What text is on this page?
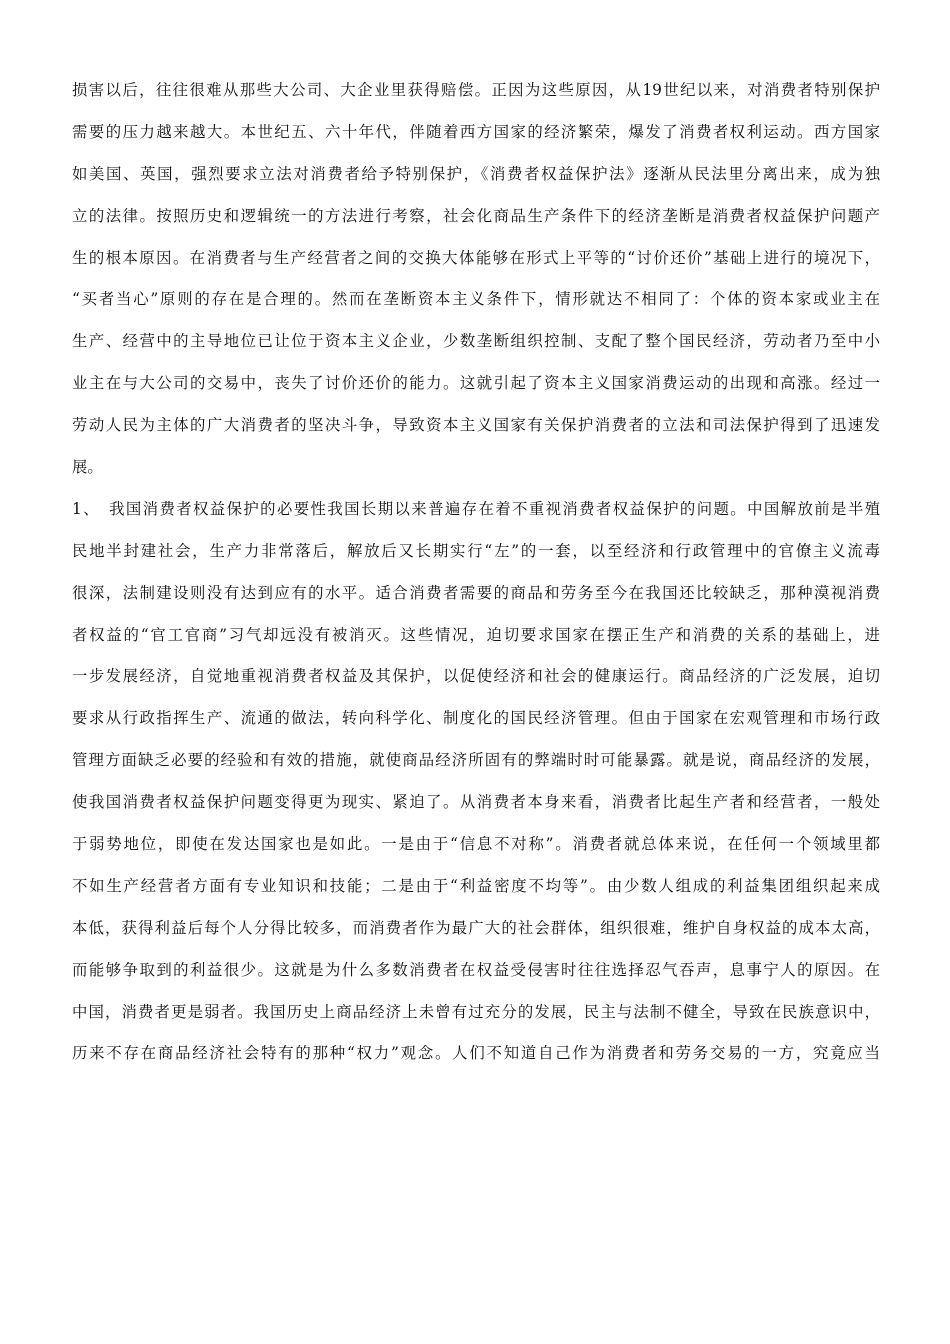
损害以后，往往很难从那些大公司、大企业里获得赔偿。正因为这些原因，从19世纪以来，对消费者特别保护
需要的压力越来越大。本世纪五、六十年代，伴随着西方国家的经济繁荣，爆发了消费者权利运动。西方国家
如美国、英国，强烈要求立法对消费者给予特别保护，《消费者权益保护法》逐渐从民法里分离出来，成为独
立的法律。按照历史和逻辑统一的方法进行考察，社会化商品生产条件下的经济垄断是消费者权益保护问题产
生的根本原因。在消费者与生产经营者之间的交换大体能够在形式上平等的“讨价还价”基础上进行的境况下，
“买者当心”原则的存在是合理的。然而在垄断资本主义条件下，情形就达不相同了：个体的资本家或业主在
生产、经营中的主导地位已让位于资本主义企业，少数垄断组织控制、支配了整个国民经济，劳动者乃至中小
业主在与大公司的交易中，丧失了讨价还价的能力。这就引起了资本主义国家消费运动的出现和高涨。经过一
劳动人民为主体的广大消费者的坚决斗争，导致资本主义国家有关保护消费者的立法和司法保护得到了迅速发
展。
1、　我国消费者权益保护的必要性我国长期以来普遍存在着不重视消费者权益保护的问题。中国解放前是半殖
民地半封建社会，生产力非常落后，解放后又长期实行“左”的一套，以至经济和行政管理中的官僚主义流毒
很深，法制建设则没有达到应有的水平。适合消费者需要的商品和劳务至今在我国还比较缺乏，那种漠视消费
者权益的“官工官商”习气却远没有被消灭。这些情况，迫切要求国家在摆正生产和消费的关系的基础上，进
一步发展经济，自觉地重视消费者权益及其保护，以促使经济和社会的健康运行。商品经济的广泛发展，迫切
要求从行政指挥生产、流通的做法，转向科学化、制度化的国民经济管理。但由于国家在宏观管理和市场行政
管理方面缺乏必要的经验和有效的措施，就使商品经济所固有的弊端时时可能暴露。就是说，商品经济的发展，
使我国消费者权益保护问题变得更为现实、紧迫了。从消费者本身来看，消费者比起生产者和经营者，一般处
于弱势地位，即使在发达国家也是如此。一是由于“信息不对称”。消费者就总体来说，在任何一个领域里都
不如生产经营者方面有专业知识和技能；二是由于“利益密度不均等”。由少数人组成的利益集团组织起来成
本低，获得利益后每个人分得比较多，而消费者作为最广大的社会群体，组织很难，维护自身权益的成本太高，
而能够争取到的利益很少。这就是为什么多数消费者在权益受侵害时往往选择忍气吞声，息事宁人的原因。在
中国，消费者更是弱者。我国历史上商品经济上未曾有过充分的发展，民主与法制不健全，导致在民族意识中，
历来不存在商品经济社会特有的那种“权力”观念。人们不知道自己作为消费者和劳务交易的一方，究竟应当
